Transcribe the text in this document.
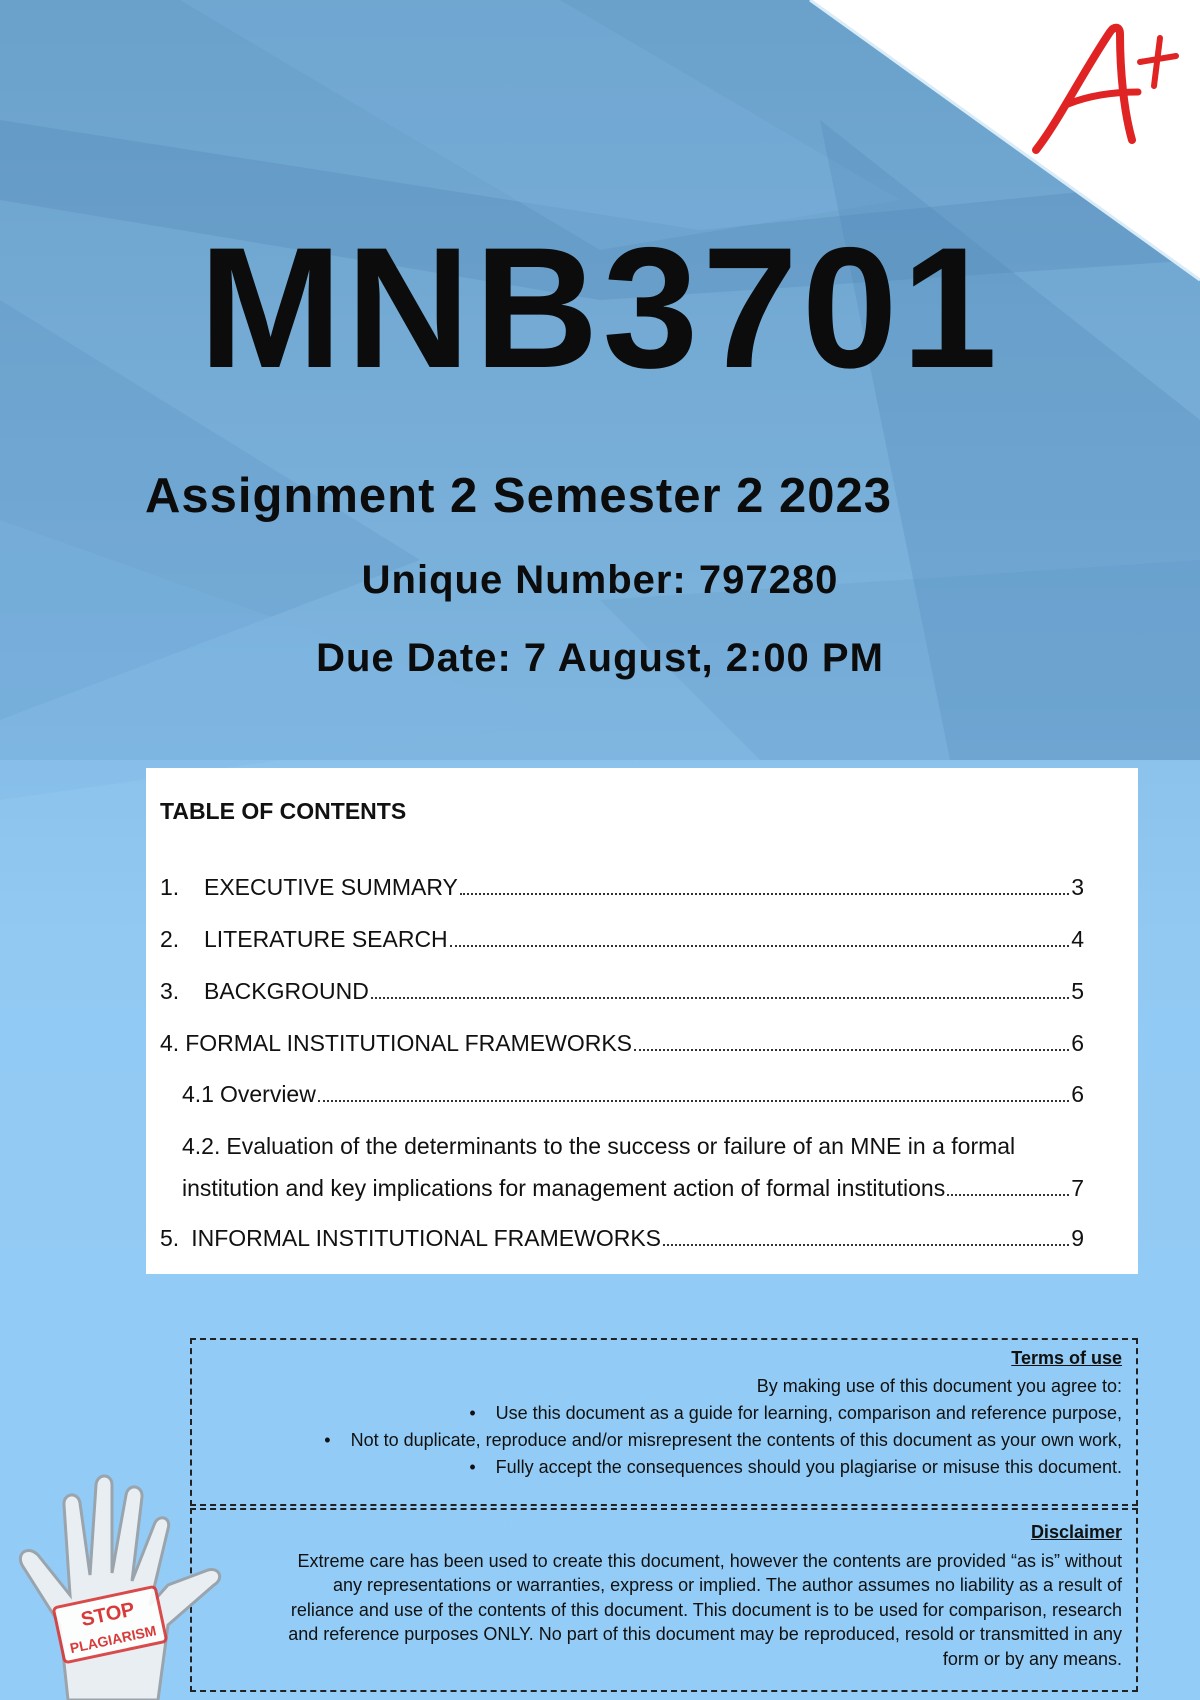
MNB3701
Assignment 2 Semester 2 2023
Unique Number: 797280
Due Date: 7 August, 2:00 PM
TABLE OF CONTENTS
1.	EXECUTIVE SUMMARY	3
2.	LITERATURE SEARCH	4
3.	BACKGROUND	5
4. FORMAL INSTITUTIONAL FRAMEWORKS	6
4.1 Overview	6
4.2. Evaluation of the determinants to the success or failure of an MNE in a formal
institution and key implications for management action of formal institutions	7
5. INFORMAL INSTITUTIONAL FRAMEWORKS	9
Terms of use

By making use of this document you agree to:

• Use this document as a guide for learning, comparison and reference purpose,

• Not to duplicate, reproduce and/or misrepresent the contents of this document as your own work,

• Fully accept the consequences should you plagiarise or misuse this document.

Disclaimer

Extreme care has been used to create this document, however the contents are provided “as is” without

any representations or warranties, express or implied. The author assumes no liability as a result of

reliance and use of the contents of this document. This document is to be used for comparison, research

and reference purposes ONLY. No part of this document may be reproduced, resold or transmitted in any

form or by any means.

STOP
PLAGIARISM
